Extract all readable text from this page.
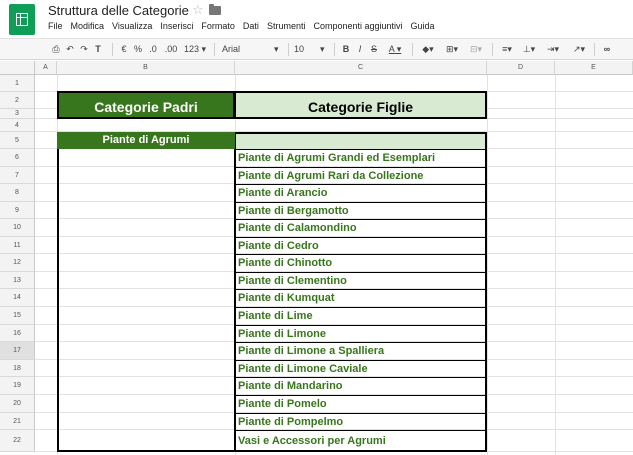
Struttura delle Categorie ☆
File Modifica Visualizza Inserisci Formato Dati Strumenti Componenti aggiuntivi Guida
⎙ ↶ ↷ T	€ % .0 .00 123 ▾ Arial	▾ 10 ▾	B	I	S	A ▾	◆▾	⊞▾	⊟▾	≡▾	⊥▾	⇥▾	↗▾	∞
A	B	C	D	E
1
2
3
4
5
6
7
8
9
10
11
12
13
14
15
16
17
18
19
20
21
22
Categorie Padri	Categorie Figlie
Piante di Agrumi
Piante di Agrumi Grandi ed Esemplari
Piante di Agrumi Rari da Collezione
Piante di Arancio
Piante di Bergamotto
Piante di Calamondino
Piante di Cedro
Piante di Chinotto
Piante di Clementino
Piante di Kumquat
Piante di Lime
Piante di Limone
Piante di Limone a Spalliera
Piante di Limone Caviale
Piante di Mandarino
Piante di Pomelo
Piante di Pompelmo
Vasi e Accessori per Agrumi
